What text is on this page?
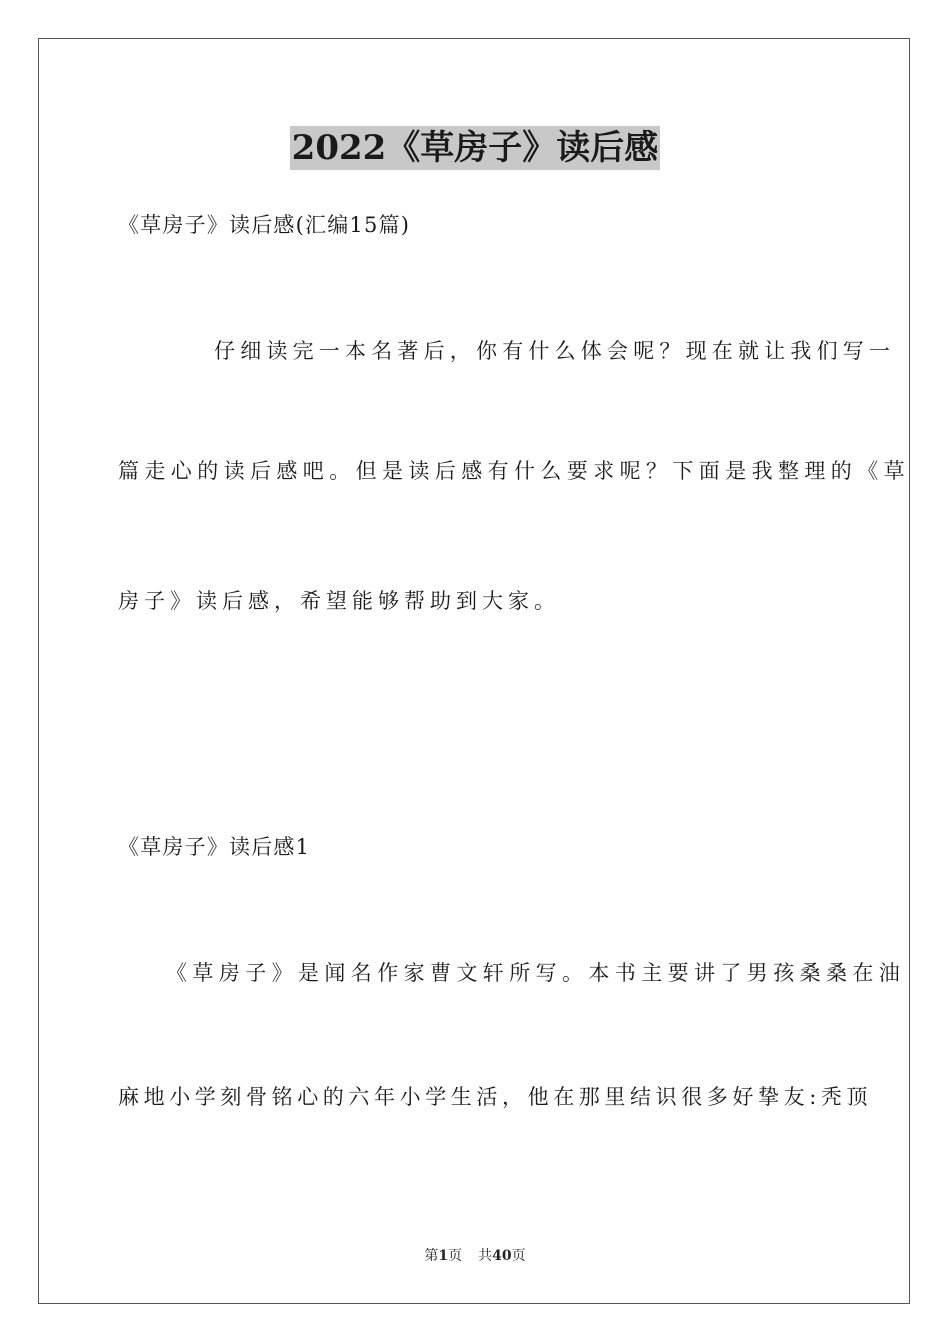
2022《草房子》读后感
《草房子》读后感(汇编15篇)
仔细读完一本名著后，你有什么体会呢？现在就让我们写一
篇走心的读后感吧。但是读后感有什么要求呢？下面是我整理的《草
房子》读后感，希望能够帮助到大家。
《草房子》读后感1
《草房子》是闻名作家曹文轩所写。本书主要讲了男孩桑桑在油
麻地小学刻骨铭心的六年小学生活，他在那里结识很多好挚友:秃顶
第1页 共40页
